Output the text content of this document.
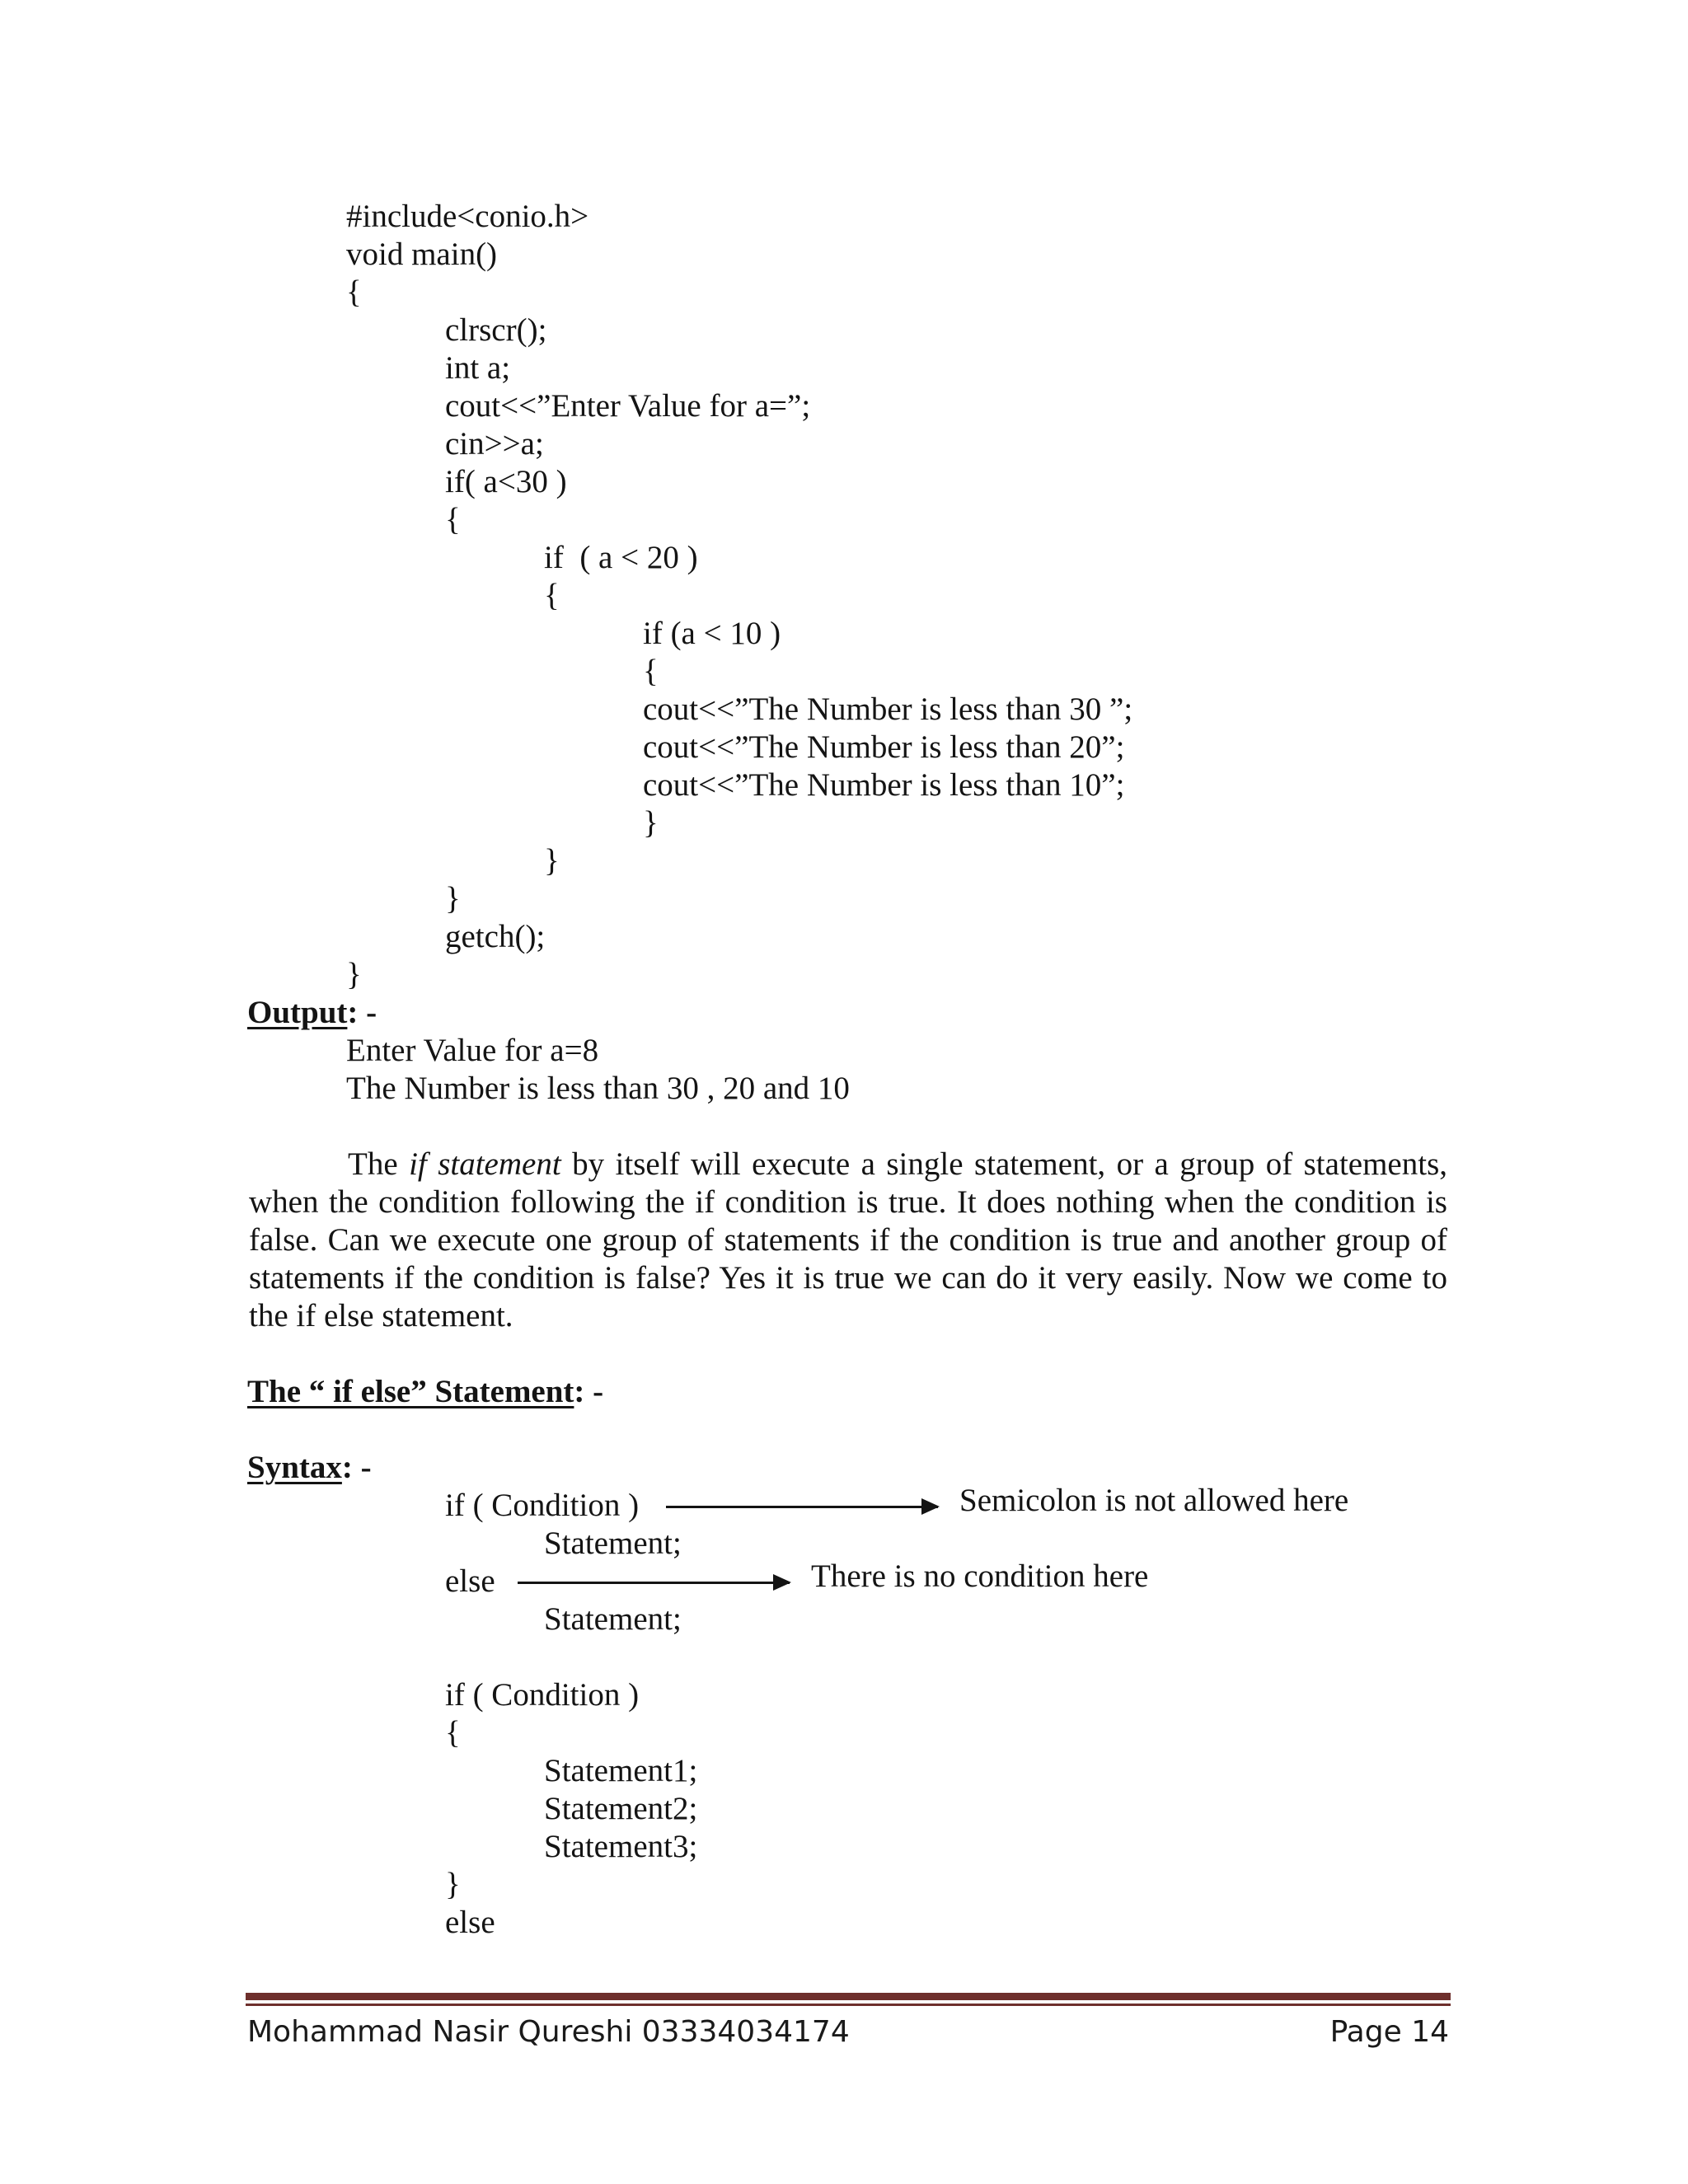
#include<conio.h>
void main()
{
clrscr();
int a;
cout<<”Enter Value for a=”;
cin>>a;
if( a<30 )
{
if  ( a < 20 )
{
if (a < 10 )
{
cout<<”The Number is less than 30 ”;
cout<<”The Number is less than 20”;
cout<<”The Number is less than 10”;
}
}
}
getch();
}
Output: -
Enter Value for a=8
The Number is less than 30 , 20 and 10
The if statement by itself will execute a single statement, or a group of statements, when the condition following the if condition is true. It does nothing when the condition is false. Can we execute one group of statements if the condition is true and another group of statements if the condition is false? Yes it is true we can do it very easily. Now we come to the if else statement.
The “ if else” Statement: -
Syntax: -
if ( Condition )	Semicolon is not allowed here
Statement;
else	There is no condition here
Statement;
if ( Condition )
{
Statement1;
Statement2;
Statement3;
}
else
Mohammad Nasir Qureshi 03334034174	Page 14
